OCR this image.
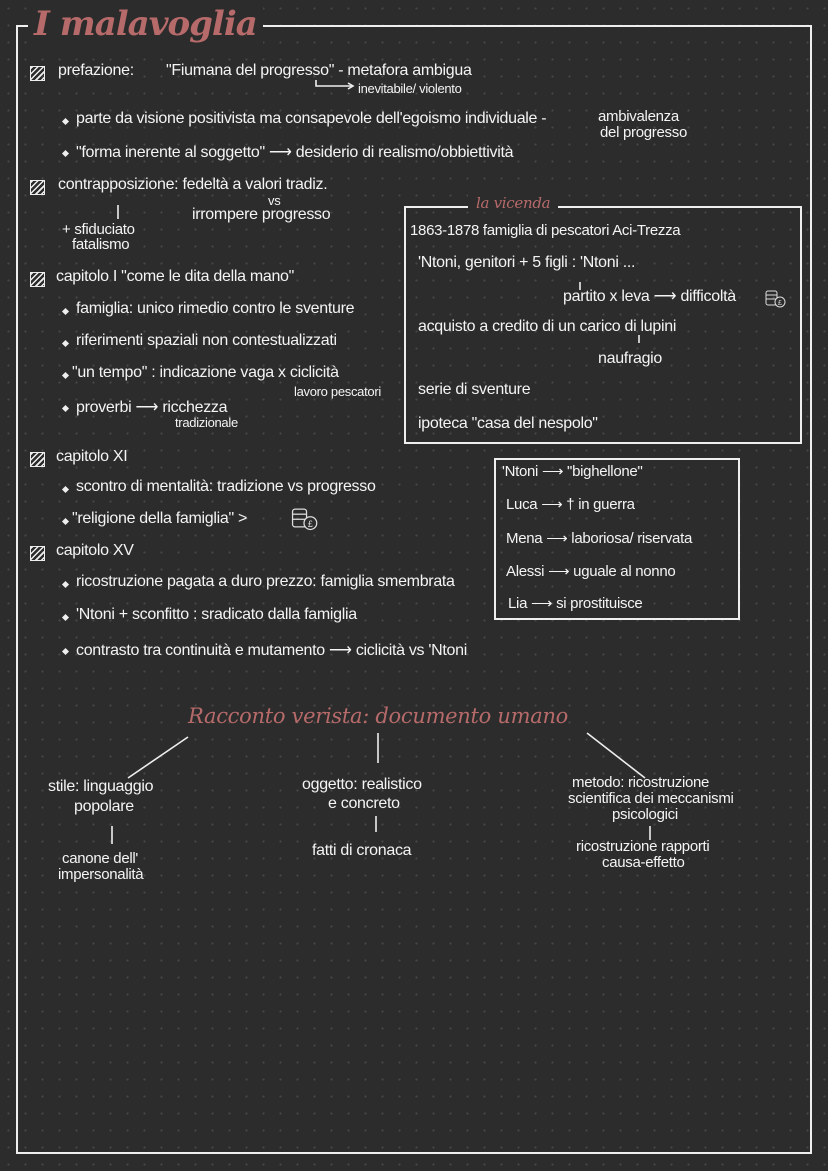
I malavoglia
prefazione: "Fiumana del progresso" - metafora ambigua
inevitabile/ violento
parte da visione positivista ma consapevole dell'egoismo individuale -	ambivalenza
del progresso
"forma inerente al soggetto" ⟶ desiderio di realismo/obbiettività
contrapposizione: fedeltà a valori tradiz.
vs
irrompere progresso
+ sfiduciato
fatalismo
capitolo I "come le dita della mano"
famiglia: unico rimedio contro le sventure
riferimenti spaziali non contestualizzati
"un tempo" : indicazione vaga x ciclicità
lavoro pescatori
proverbi ⟶ ricchezza
tradizionale
la vicenda
1863-1878 famiglia di pescatori Aci-Trezza
'Ntoni, genitori + 5 figli : 'Ntoni ...
partito x leva ⟶ difficoltà	£
acquisto a credito di un carico di lupini
naufragio
serie di sventure
ipoteca "casa del nespolo"
capitolo XI
scontro di mentalità: tradizione vs progresso
"religione della famiglia" >	£
capitolo XV
ricostruzione pagata a duro prezzo: famiglia smembrata
'Ntoni + sconfitto : sradicato dalla famiglia
contrasto tra continuità e mutamento ⟶ ciclicità vs 'Ntoni
'Ntoni ⟶ "bighellone"
Luca ⟶ † in guerra
Mena ⟶ laboriosa/ riservata
Alessi ⟶ uguale al nonno
Lia ⟶ si prostituisce
Racconto verista: documento umano
stile: linguaggio
popolare
canone dell'
impersonalità
oggetto: realistico
e concreto
fatti di cronaca
metodo: ricostruzione
scientifica dei meccanismi
psicologici
ricostruzione rapporti
causa-effetto
